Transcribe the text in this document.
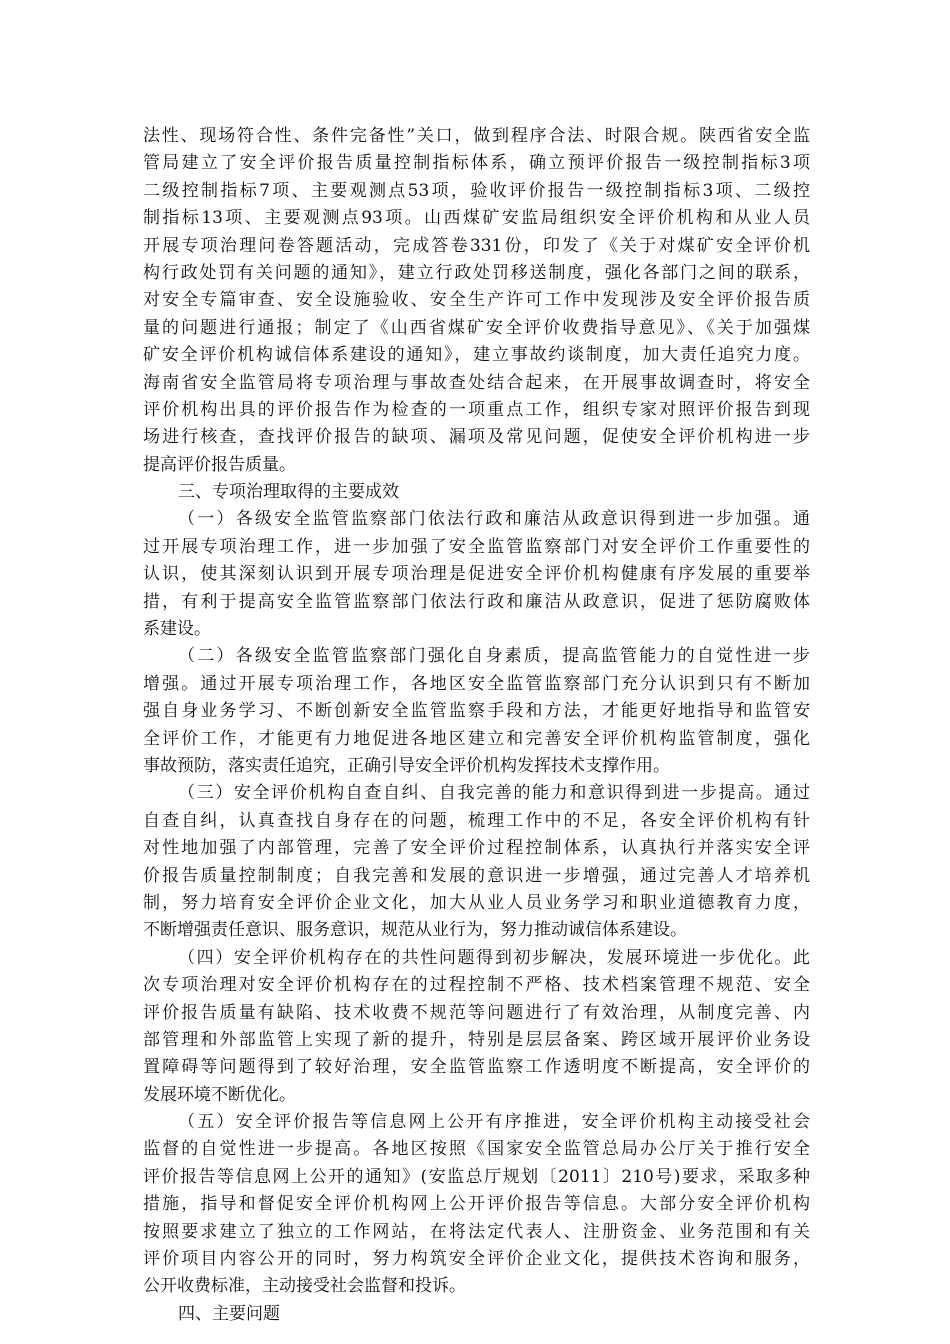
法性、现场符合性、条件完备性”关口，做到程序合法、时限合规。陕西省安全监
管局建立了安全评价报告质量控制指标体系，确立预评价报告一级控制指标3项
二级控制指标7项、主要观测点53项，验收评价报告一级控制指标3项、二级控
制指标13项、主要观测点93项。山西煤矿安监局组织安全评价机构和从业人员
开展专项治理问卷答题活动，完成答卷331份，印发了《关于对煤矿安全评价机
构行政处罚有关问题的通知》，建立行政处罚移送制度，强化各部门之间的联系，
对安全专篇审查、安全设施验收、安全生产许可工作中发现涉及安全评价报告质
量的问题进行通报；制定了《山西省煤矿安全评价收费指导意见》、《关于加强煤
矿安全评价机构诚信体系建设的通知》，建立事故约谈制度，加大责任追究力度。
海南省安全监管局将专项治理与事故查处结合起来，在开展事故调查时，将安全
评价机构出具的评价报告作为检查的一项重点工作，组织专家对照评价报告到现
场进行核查，查找评价报告的缺项、漏项及常见问题，促使安全评价机构进一步
提高评价报告质量。
三、专项治理取得的主要成效
（一）各级安全监管监察部门依法行政和廉洁从政意识得到进一步加强。通
过开展专项治理工作，进一步加强了安全监管监察部门对安全评价工作重要性的
认识，使其深刻认识到开展专项治理是促进安全评价机构健康有序发展的重要举
措，有利于提高安全监管监察部门依法行政和廉洁从政意识，促进了惩防腐败体
系建设。
（二）各级安全监管监察部门强化自身素质，提高监管能力的自觉性进一步
增强。通过开展专项治理工作，各地区安全监管监察部门充分认识到只有不断加
强自身业务学习、不断创新安全监管监察手段和方法，才能更好地指导和监管安
全评价工作，才能更有力地促进各地区建立和完善安全评价机构监管制度，强化
事故预防，落实责任追究，正确引导安全评价机构发挥技术支撑作用。
（三）安全评价机构自查自纠、自我完善的能力和意识得到进一步提高。通过
自查自纠，认真查找自身存在的问题，梳理工作中的不足，各安全评价机构有针
对性地加强了内部管理，完善了安全评价过程控制体系，认真执行并落实安全评
价报告质量控制制度；自我完善和发展的意识进一步增强，通过完善人才培养机
制，努力培育安全评价企业文化，加大从业人员业务学习和职业道德教育力度，
不断增强责任意识、服务意识，规范从业行为，努力推动诚信体系建设。
（四）安全评价机构存在的共性问题得到初步解决，发展环境进一步优化。此
次专项治理对安全评价机构存在的过程控制不严格、技术档案管理不规范、安全
评价报告质量有缺陷、技术收费不规范等问题进行了有效治理，从制度完善、内
部管理和外部监管上实现了新的提升，特别是层层备案、跨区域开展评价业务设
置障碍等问题得到了较好治理，安全监管监察工作透明度不断提高，安全评价的
发展环境不断优化。
（五）安全评价报告等信息网上公开有序推进，安全评价机构主动接受社会
监督的自觉性进一步提高。各地区按照《国家安全监管总局办公厅关于推行安全
评价报告等信息网上公开的通知》(安监总厅规划〔2011〕210号)要求，采取多种
措施，指导和督促安全评价机构网上公开评价报告等信息。大部分安全评价机构
按照要求建立了独立的工作网站，在将法定代表人、注册资金、业务范围和有关
评价项目内容公开的同时，努力构筑安全评价企业文化，提供技术咨询和服务，
公开收费标准，主动接受社会监督和投诉。
四、主要问题
